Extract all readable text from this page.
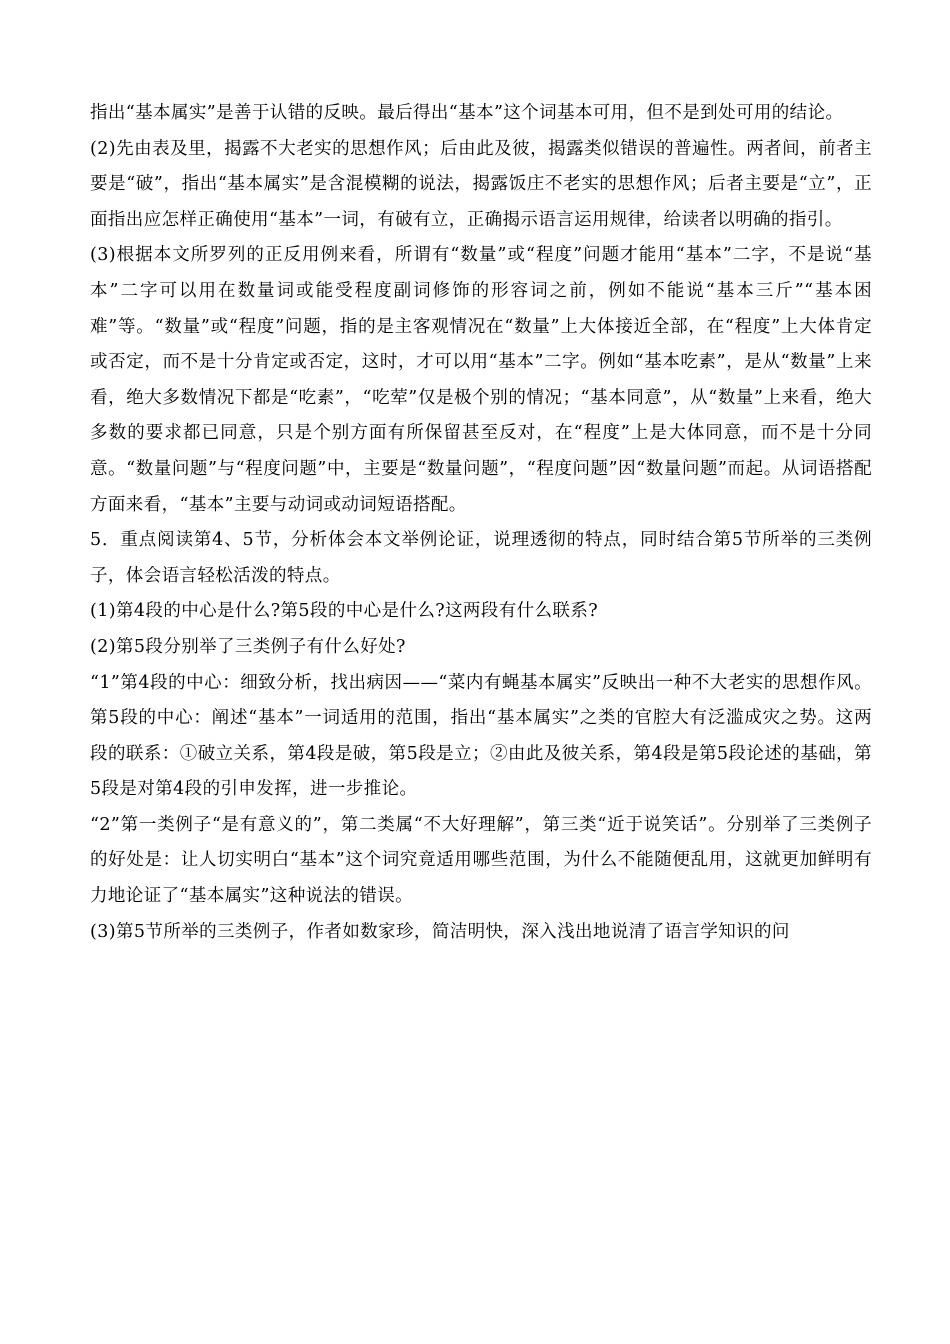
指出“基本属实”是善于认错的反映。最后得出“基本”这个词基本可用，但不是到处可用的结论。

(2)先由表及里，揭露不大老实的思想作风；后由此及彼，揭露类似错误的普遍性。两者间，前者主要是“破”，指出“基本属实”是含混模糊的说法，揭露饭庄不老实的思想作风；后者主要是“立”，正面指出应怎样正确使用“基本”一词，有破有立，正确揭示语言运用规律，给读者以明确的指引。

(3)根据本文所罗列的正反用例来看，所谓有“数量”或“程度”问题才能用“基本”二字，不是说“基本”二字可以用在数量词或能受程度副词修饰的形容词之前，例如不能说“基本三斤”“基本困难”等。“数量”或“程度”问题，指的是主客观情况在“数量”上大体接近全部，在“程度”上大体肯定或否定，而不是十分肯定或否定，这时，才可以用“基本”二字。例如“基本吃素”，是从“数量”上来看，绝大多数情况下都是“吃素”，“吃荤”仅是极个别的情况；“基本同意”，从“数量”上来看，绝大多数的要求都已同意，只是个别方面有所保留甚至反对，在“程度”上是大体同意，而不是十分同意。“数量问题”与“程度问题”中，主要是“数量问题”，“程度问题”因“数量问题”而起。从词语搭配方面来看，“基本”主要与动词或动词短语搭配。

5．重点阅读第4、5节，分析体会本文举例论证，说理透彻的特点，同时结合第5节所举的三类例子，体会语言轻松活泼的特点。

(1)第4段的中心是什么?第5段的中心是什么?这两段有什么联系?

(2)第5段分别举了三类例子有什么好处?

“1”第4段的中心：细致分析，找出病因——“菜内有蝇基本属实”反映出一种不大老实的思想作风。第5段的中心：阐述“基本”一词适用的范围，指出“基本属实”之类的官腔大有泛滥成灾之势。这两段的联系：①破立关系，第4段是破，第5段是立；②由此及彼关系，第4段是第5段论述的基础，第5段是对第4段的引申发挥，进一步推论。

“2”第一类例子“是有意义的”，第二类属“不大好理解”，第三类“近于说笑话”。分别举了三类例子的好处是：让人切实明白“基本”这个词究竟适用哪些范围，为什么不能随便乱用，这就更加鲜明有力地论证了“基本属实”这种说法的错误。

(3)第5节所举的三类例子，作者如数家珍，简洁明快，深入浅出地说清了语言学知识的问
